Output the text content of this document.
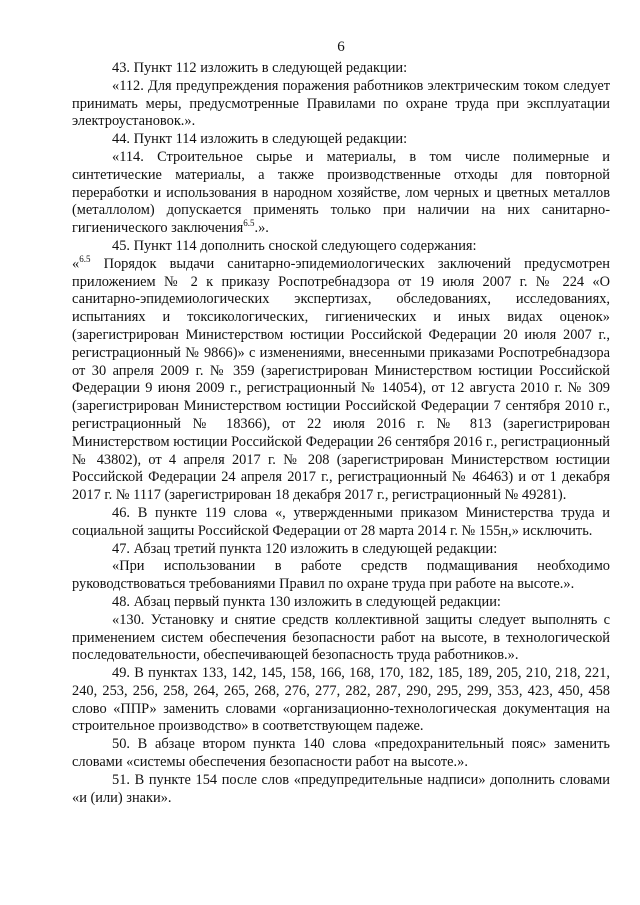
6

43. Пункт 112 изложить в следующей редакции:

«112. Для предупреждения поражения работников электрическим током следует принимать меры, предусмотренные Правилами по охране труда при эксплуатации электроустановок.».

44. Пункт 114 изложить в следующей редакции:

«114. Строительное сырье и материалы, в том числе полимерные и синтетические материалы, а также производственные отходы для повторной переработки и использования в народном хозяйстве, лом черных и цветных металлов (металлолом) допускается применять только при наличии на них санитарно-гигиенического заключения$^{6.5}$.».

45. Пункт 114 дополнить сноской следующего содержания:

«$^{6.5}$ Порядок выдачи санитарно-эпидемиологических заключений предусмотрен приложением № 2 к приказу Роспотребнадзора от 19 июля 2007 г. № 224 «О санитарно-эпидемиологических экспертизах, обследованиях, исследованиях, испытаниях и токсикологических, гигиенических и иных видах оценок» (зарегистрирован Министерством юстиции Российской Федерации 20 июля 2007 г., регистрационный № 9866)» с изменениями, внесенными приказами Роспотребнадзора от 30 апреля 2009 г. № 359 (зарегистрирован Министерством юстиции Российской Федерации 9 июня 2009 г., регистрационный № 14054), от 12 августа 2010 г. № 309 (зарегистрирован Министерством юстиции Российской Федерации 7 сентября 2010 г., регистрационный № 18366), от 22 июля 2016 г. № 813 (зарегистрирован Министерством юстиции Российской Федерации 26 сентября 2016 г., регистрационный № 43802), от 4 апреля 2017 г. № 208 (зарегистрирован Министерством юстиции Российской Федерации 24 апреля 2017 г., регистрационный № 46463) и от 1 декабря 2017 г. № 1117 (зарегистрирован 18 декабря 2017 г., регистрационный № 49281).

46. В пункте 119 слова «, утвержденными приказом Министерства труда и социальной защиты Российской Федерации от 28 марта 2014 г. № 155н,» исключить.

47. Абзац третий пункта 120 изложить в следующей редакции:

«При использовании в работе средств подмащивания необходимо руководствоваться требованиями Правил по охране труда при работе на высоте.».

48. Абзац первый пункта 130 изложить в следующей редакции:

«130. Установку и снятие средств коллективной защиты следует выполнять с применением систем обеспечения безопасности работ на высоте, в технологической последовательности, обеспечивающей безопасность труда работников.».

49. В пунктах 133, 142, 145, 158, 166, 168, 170, 182, 185, 189, 205, 210, 218, 221, 240, 253, 256, 258, 264, 265, 268, 276, 277, 282, 287, 290, 295, 299, 353, 423, 450, 458 слово «ППР» заменить словами «организационно-технологическая документация на строительное производство» в соответствующем падеже.

50. В абзаце втором пункта 140 слова «предохранительный пояс» заменить словами «системы обеспечения безопасности работ на высоте.».

51. В пункте 154 после слов «предупредительные надписи» дополнить словами «и (или) знаки».
